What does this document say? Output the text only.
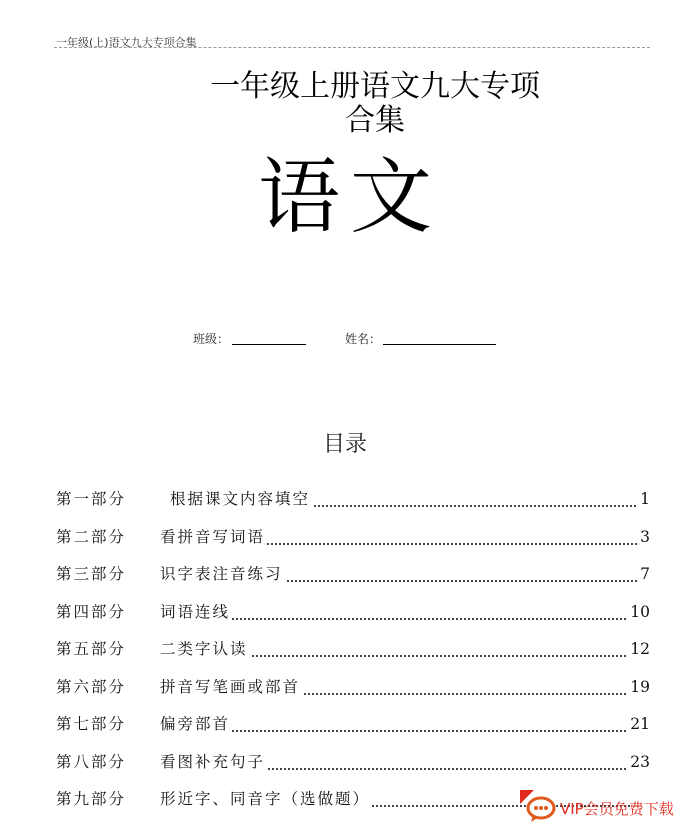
一年级(上)语文九大专项合集
一年级上册语文九大专项
合集
语文
班级：	姓名：
目录
第一部分	根据课文内容填空	1
第二部分 看拼音写词语	3
第三部分 识字表注音练习	7
第四部分 词语连线	10
第五部分 二类字认读	12
第六部分 拼音写笔画或部首	19
第七部分 偏旁部首	21
第八部分 看图补充句子	23
第九部分 形近字、同音字（选做题）
VIP会员免费下载
